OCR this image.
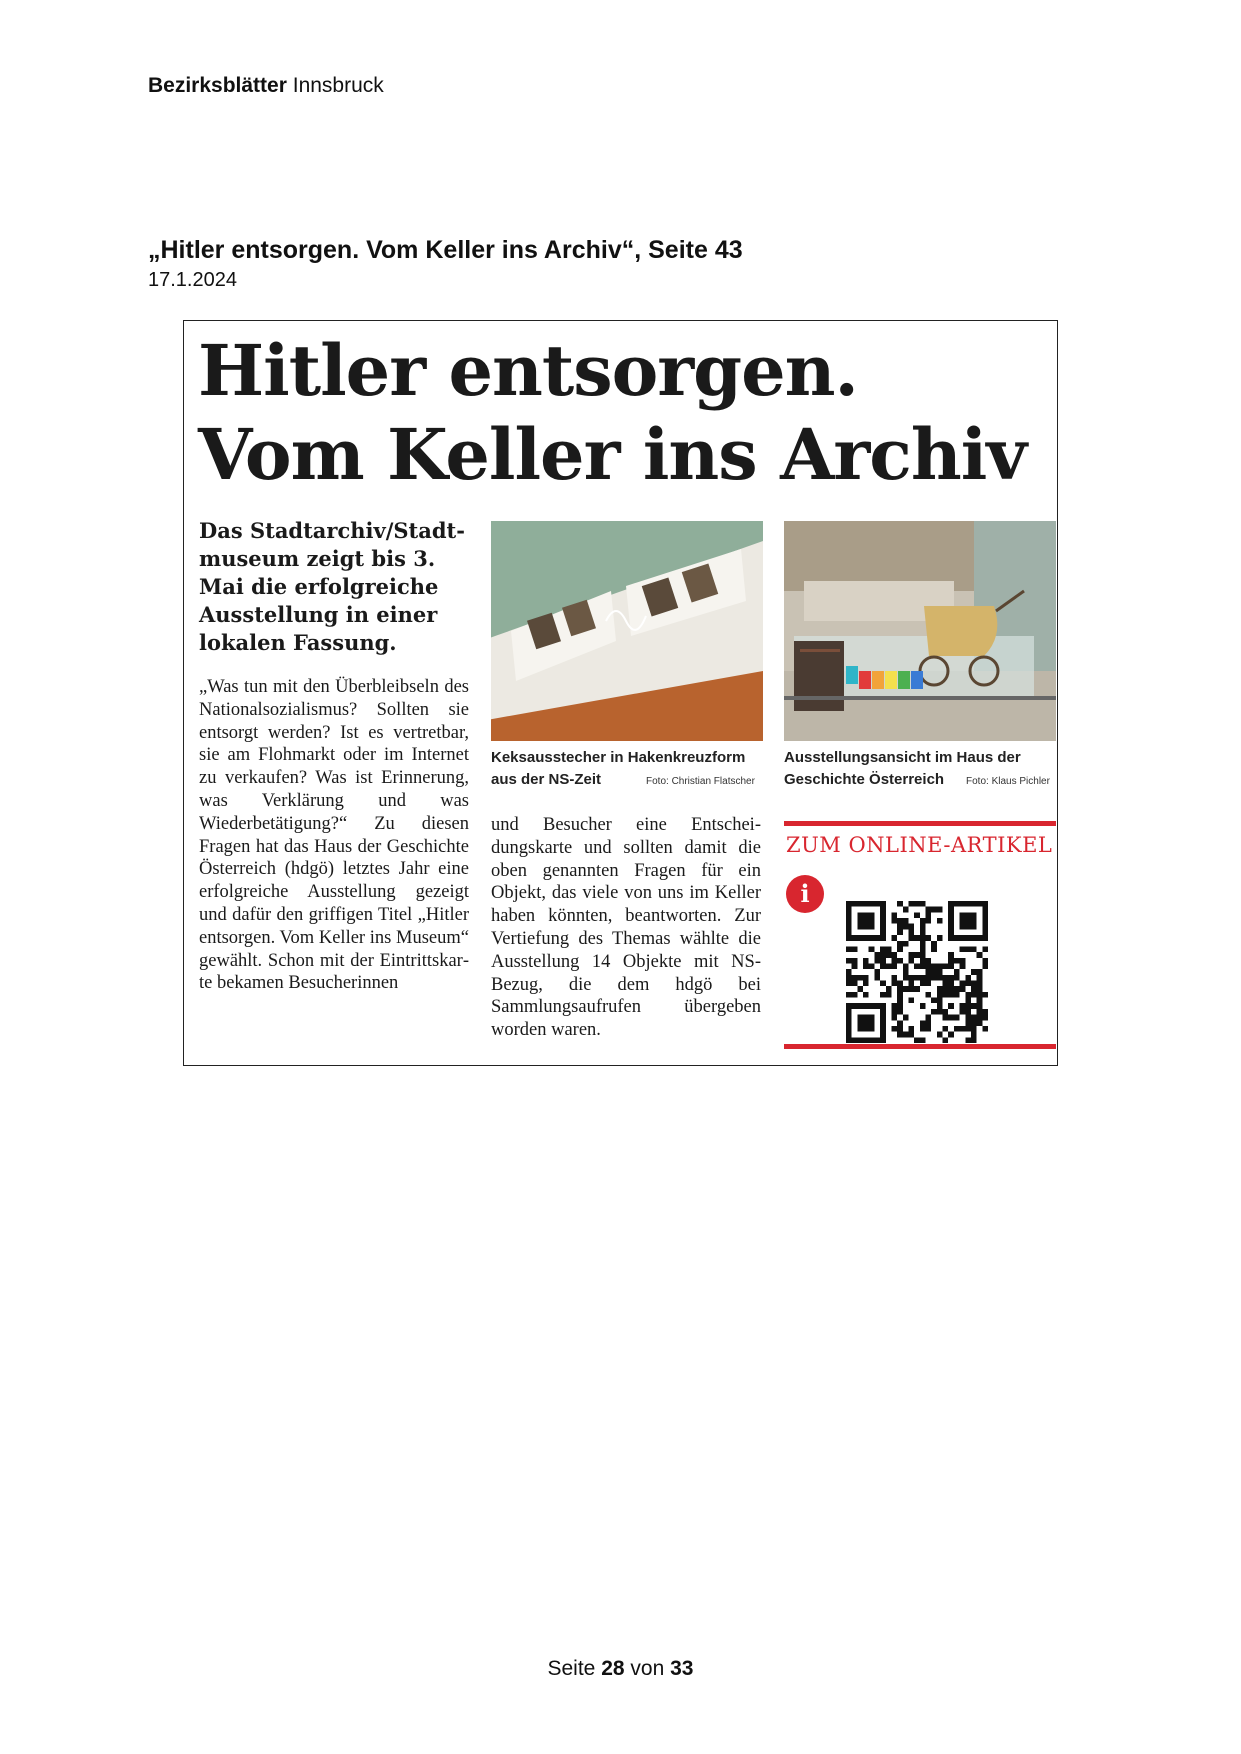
Bezirksblätter Innsbruck
„Hitler entsorgen. Vom Keller ins Archiv“, Seite 43
17.1.2024
Hitler entsorgen.
Vom Keller ins Archiv

Das Stadtarchiv/Stadtmuseum zeigt bis 3. Mai die erfolgreiche Ausstellung in einer lokalen Fassung.

„Was tun mit den Überbleibseln des Nationalsozialismus? Sollten sie entsorgt werden? Ist es vertretbar, sie am Flohmarkt oder im Internet zu verkaufen? Was ist Erinnerung, was Verklärung und was Wiederbetätigung?“ Zu diesen Fragen hat das Haus der Geschichte Österreich (hdgö) letztes Jahr eine erfolgreiche Ausstellung gezeigt und dafür den griffigen Titel „Hitler entsorgen. Vom Keller ins Museum“ gewählt. Schon mit der Eintrittskarte bekamen Besucherinnen

Keksausstecher in Hakenkreuzform aus der NS-Zeit	Foto: Christian Flatscher
Ausstellungsansicht im Haus der Geschichte Österreich	Foto: Klaus Pichler

und Besucher eine Entscheidungskarte und sollten damit die oben genannten Fragen für ein Objekt, das viele von uns im Keller haben könnten, beantworten. Zur Vertiefung des Themas wählte die Ausstellung 14 Objekte mit NS-Bezug, die dem hdgö bei Sammlungsaufrufen übergeben worden waren.

ZUM ONLINE-ARTIKEL
i
Seite 28 von 33
